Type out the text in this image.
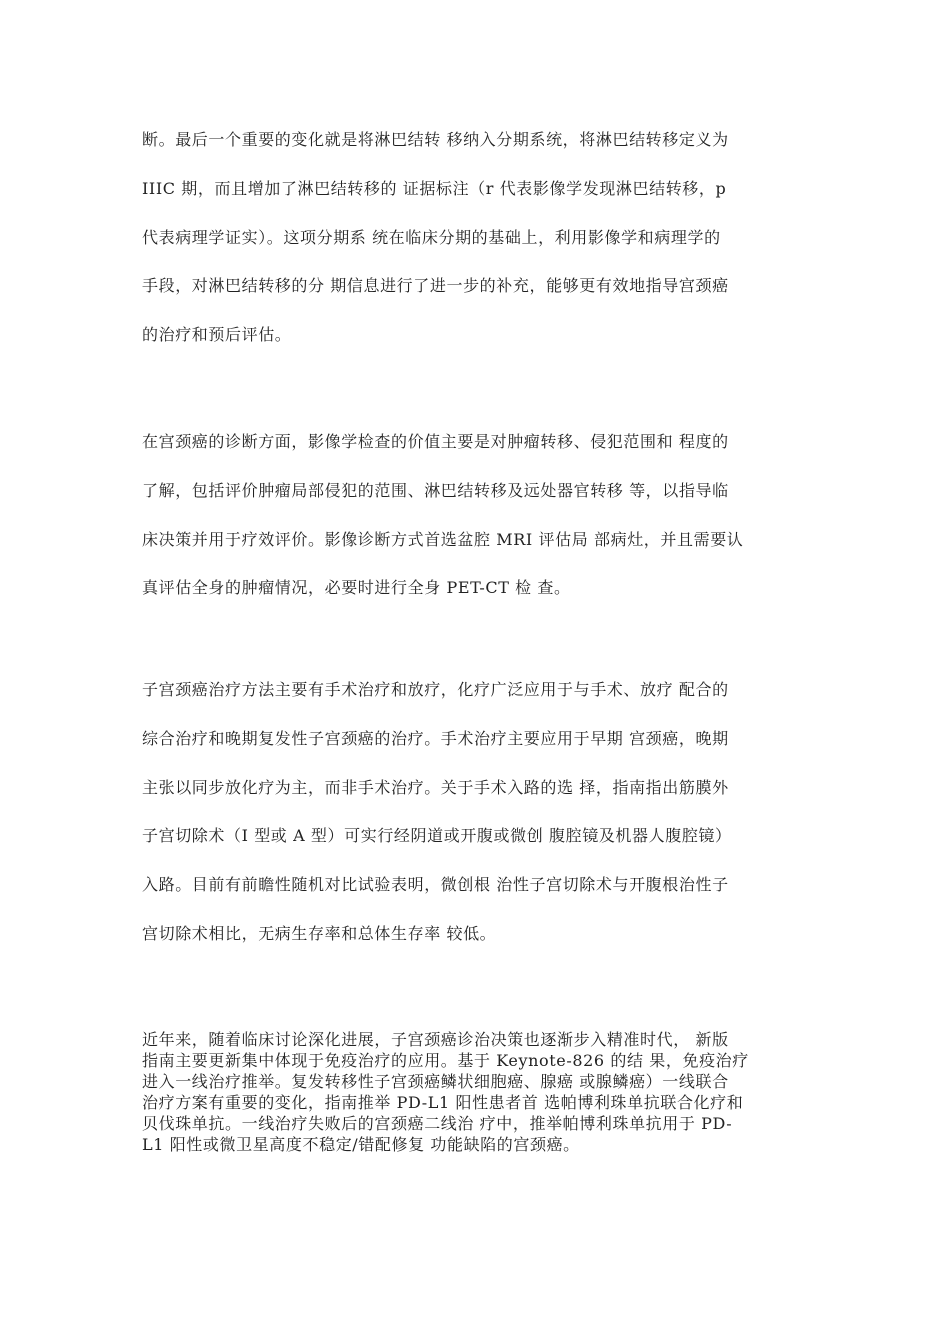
断。最后一个重要的变化就是将淋巴结转 移纳入分期系统，将淋巴结转移定义为
IIIC 期，而且增加了淋巴结转移的 证据标注（r 代表影像学发现淋巴结转移，p
代表病理学证实）。这项分期系 统在临床分期的基础上，利用影像学和病理学的
手段，对淋巴结转移的分 期信息进行了进一步的补充，能够更有效地指导宫颈癌
的治疗和预后评估。
在宫颈癌的诊断方面，影像学检查的价值主要是对肿瘤转移、侵犯范围和 程度的
了解，包括评价肿瘤局部侵犯的范围、淋巴结转移及远处器官转移 等，以指导临
床决策并用于疗效评价。影像诊断方式首选盆腔 MRI 评估局 部病灶，并且需要认
真评估全身的肿瘤情况，必要时进行全身 PET-CT 检 查。
子宫颈癌治疗方法主要有手术治疗和放疗，化疗广泛应用于与手术、放疗 配合的
综合治疗和晚期复发性子宫颈癌的治疗。手术治疗主要应用于早期 宫颈癌，晚期
主张以同步放化疗为主，而非手术治疗。关于手术入路的选 择，指南指出筋膜外
子宫切除术（I 型或 A 型）可实行经阴道或开腹或微创 腹腔镜及机器人腹腔镜）
入路。目前有前瞻性随机对比试验表明，微创根 治性子宫切除术与开腹根治性子
宫切除术相比，无病生存率和总体生存率 较低。
近年来，随着临床讨论深化进展，子宫颈癌诊治决策也逐渐步入精准时代， 新版
指南主要更新集中体现于免疫治疗的应用。基于 Keynote-826 的结 果，免疫治疗
进入一线治疗推举。复发转移性子宫颈癌鳞状细胞癌、腺癌 或腺鳞癌）一线联合
治疗方案有重要的变化，指南推举 PD-L1 阳性患者首 选帕博利珠单抗联合化疗和
贝伐珠单抗。一线治疗失败后的宫颈癌二线治 疗中，推举帕博利珠单抗用于 PD-
L1 阳性或微卫星高度不稳定/错配修复 功能缺陷的宫颈癌。
